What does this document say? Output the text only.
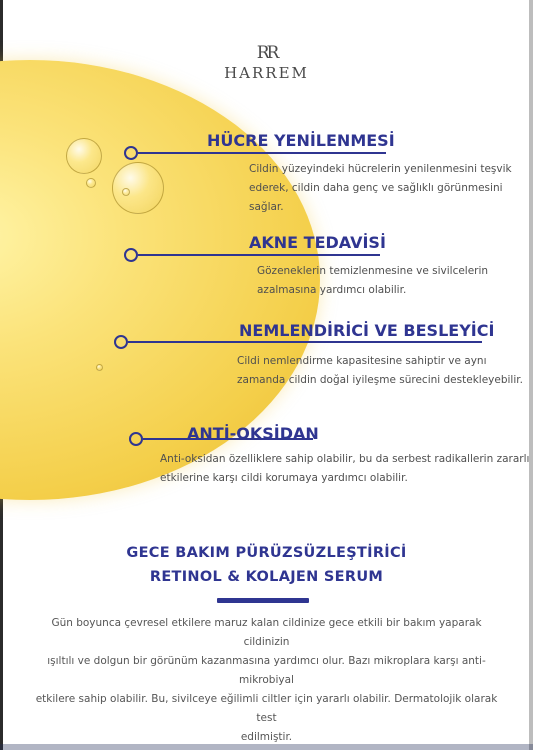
RR
HARREM
HÜCRE YENİLENMESİ
Cildin yüzeyindeki hücrelerin yenilenmesini teşvik
ederek, cildin daha genç ve sağlıklı görünmesini
sağlar.
AKNE TEDAVİSİ
Gözeneklerin temizlenmesine ve sivilcelerin
azalmasına yardımcı olabilir.
NEMLENDİRİCİ VE BESLEYİCİ
Cildi nemlendirme kapasitesine sahiptir ve aynı
zamanda cildin doğal iyileşme sürecini destekleyebilir.
ANTİ-OKSİDAN
Anti-oksidan özelliklere sahip olabilir, bu da serbest radikallerin zararlı
etkilerine karşı cildi korumaya yardımcı olabilir.
GECE BAKIM PÜRÜZSÜZLEŞTİRİCİ
RETINOL & KOLAJEN SERUM
Gün boyunca çevresel etkilere maruz kalan cildinize gece etkili bir bakım yaparak cildinizin
ışıltılı ve dolgun bir görünüm kazanmasına yardımcı olur. Bazı mikroplara karşı anti-mikrobiyal
etkilere sahip olabilir. Bu, sivilceye eğilimli ciltler için yararlı olabilir. Dermatolojik olarak test
edilmiştir.
